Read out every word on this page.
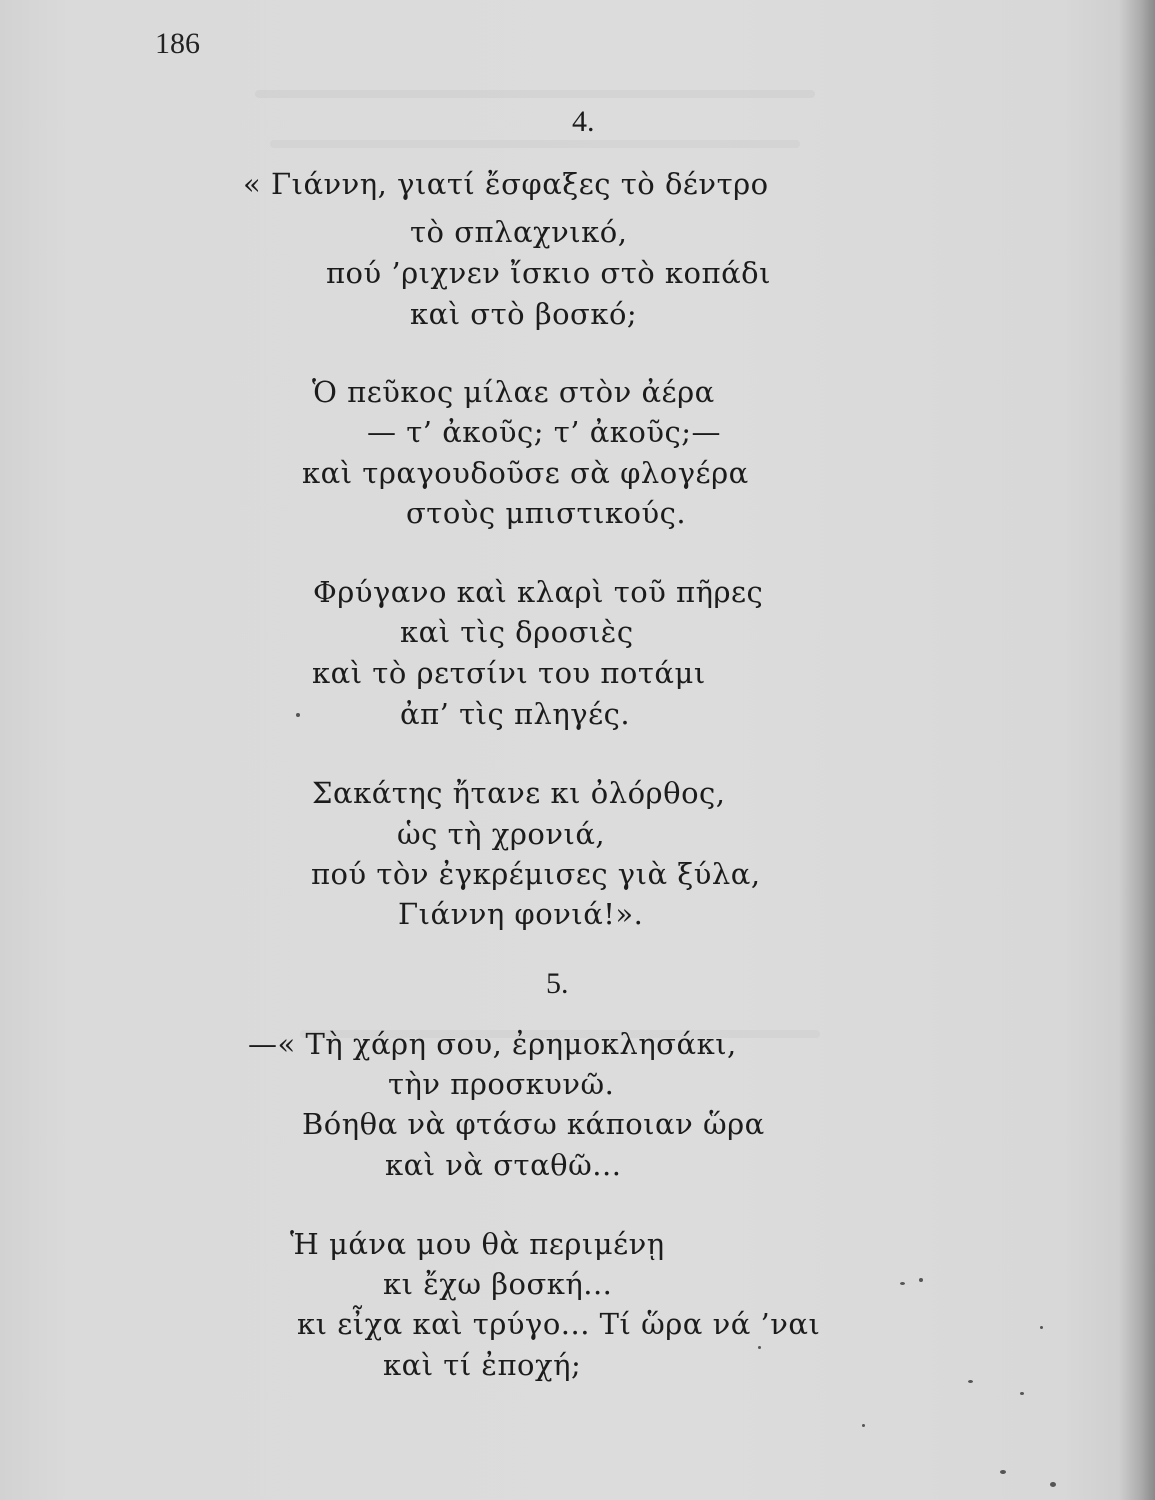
186
4.
« Γιάννη, γιατί ἔσφαξες τὸ δέντρο
τὸ σπλαχνικό,
πού ’ριχνεν ἴσκιο στὸ κοπάδι
καὶ στὸ βοσκό;
Ὁ πεῦκος μίλαε στὸν ἀέρα
— τ’ ἀκοῦς; τ’ ἀκοῦς;—
καὶ τραγουδοῦσε σὰ φλογέρα
στοὺς μπιστικούς.
Φρύγανο καὶ κλαρὶ τοῦ πῆρες
καὶ τὶς δροσιὲς
καὶ τὸ ρετσίνι του ποτάμι
ἀπ’ τὶς πληγές.
Σακάτης ἤτανε κι ὀλόρθος,
ὡς τὴ χρονιά,
πού τὸν ἐγκρέμισες γιὰ ξύλα,
Γιάννη φονιά!».
5.
—« Τὴ χάρη σου, ἐρημοκλησάκι,
τὴν προσκυνῶ.
Βόηθα νὰ φτάσω κάποιαν ὥρα
καὶ νὰ σταθῶ...
Ἡ μάνα μου θὰ περιμένῃ
κι ἔχω βοσκή...
κι εἶχα καὶ τρύγο... Τί ὥρα νά ’ναι
καὶ τί ἐποχή;
